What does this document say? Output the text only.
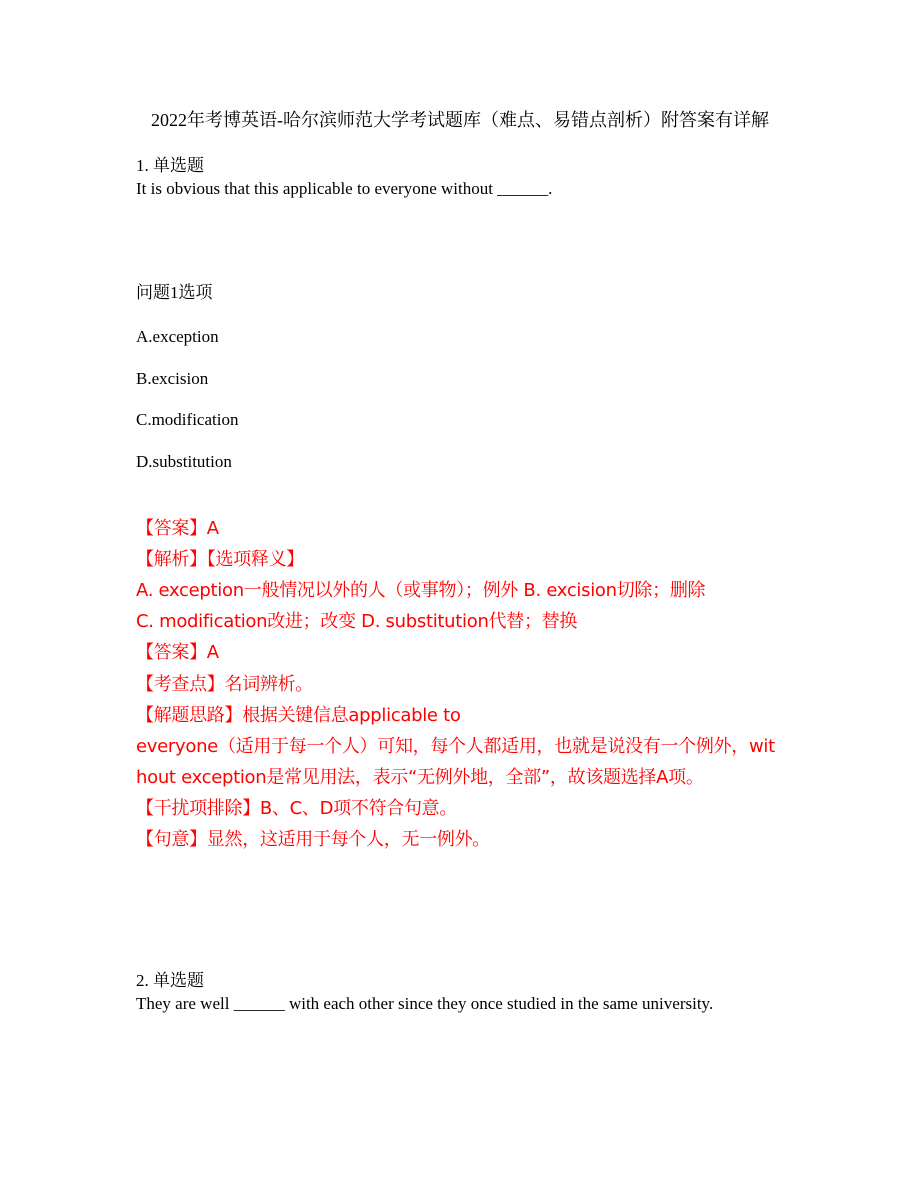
2022年考博英语-哈尔滨师范大学考试题库（难点、易错点剖析）附答案有详解
1. 单选题
It is obvious that this applicable to everyone without ______.
问题1选项
A.exception
B.excision
C.modification
D.substitution
【答案】A
【解析】【选项释义】
A. exception一般情况以外的人（或事物）；例外 B. excision切除；删除
C. modification改进；改变 D. substitution代替；替换
【答案】A
【考查点】名词辨析。
【解题思路】根据关键信息applicable to
everyone（适用于每一个人）可知，每个人都适用，也就是说没有一个例外，wit
hout exception是常见用法，表示“无例外地，全部”，故该题选择A项。
【干扰项排除】B、C、D项不符合句意。
【句意】显然，这适用于每个人，无一例外。
2. 单选题
They are well ______ with each other since they once studied in the same university.
